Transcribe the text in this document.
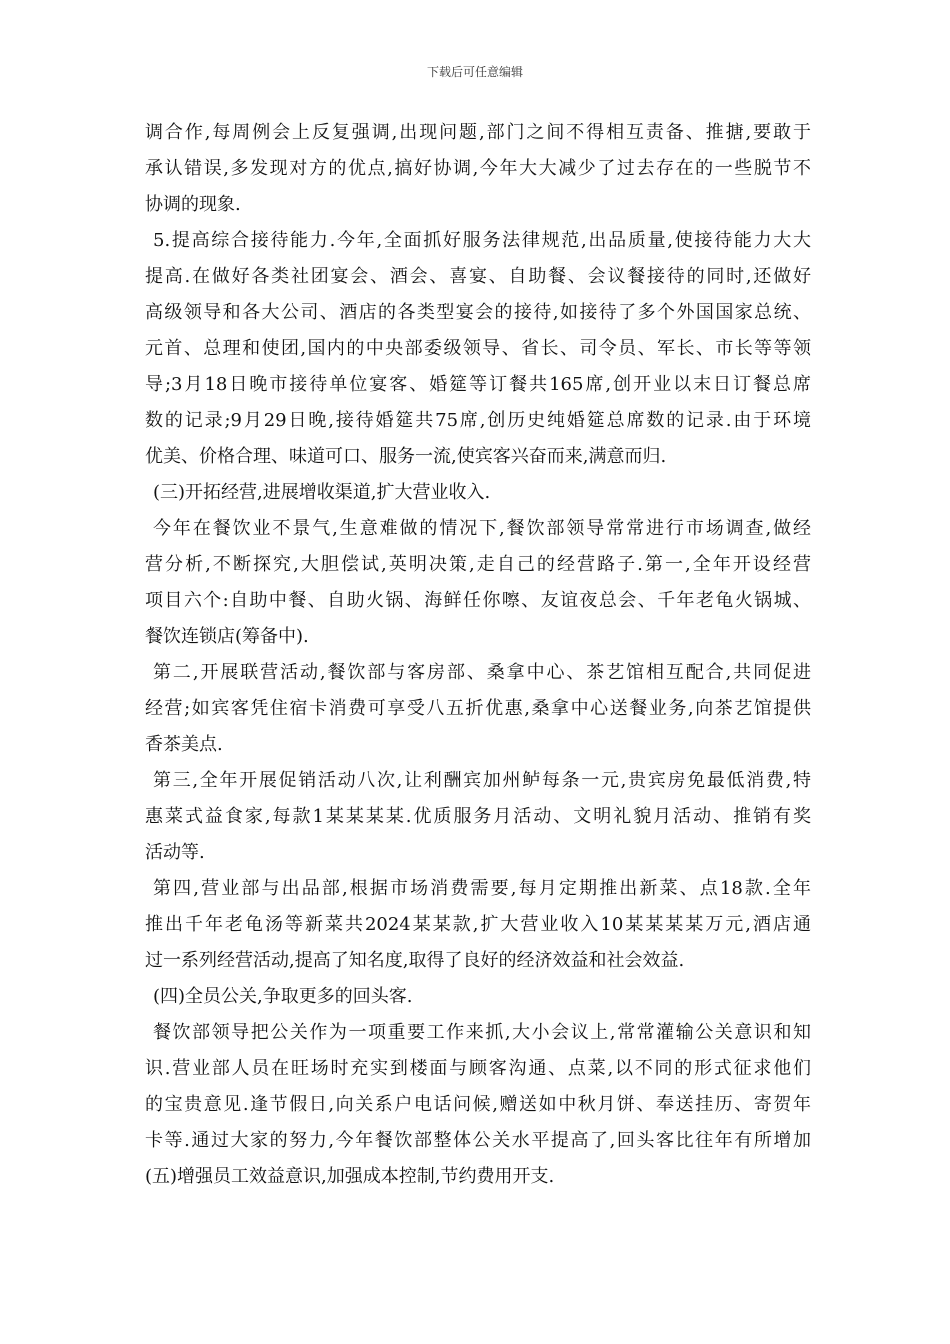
下载后可任意编辑
调合作,每周例会上反复强调,出现问题,部门之间不得相互责备、推搪,要敢于
承认错误,多发现对方的优点,搞好协调,今年大大减少了过去存在的一些脱节不
协调的现象.
5.提高综合接待能力.今年,全面抓好服务法律规范,出品质量,使接待能力大大
提高.在做好各类社团宴会、酒会、喜宴、自助餐、会议餐接待的同时,还做好
高级领导和各大公司、酒店的各类型宴会的接待,如接待了多个外国国家总统、
元首、总理和使团,国内的中央部委级领导、省长、司令员、军长、市长等等领
导;3月18日晚市接待单位宴客、婚筵等订餐共165席,创开业以末日订餐总席
数的记录;9月29日晚,接待婚筵共75席,创历史纯婚筵总席数的记录.由于环境
优美、价格合理、味道可口、服务一流,使宾客兴奋而来,满意而归.
(三)开拓经营,进展增收渠道,扩大营业收入.
今年在餐饮业不景气,生意难做的情况下,餐饮部领导常常进行市场调查,做经
营分析,不断探究,大胆偿试,英明决策,走自己的经营路子.第一,全年开设经营
项目六个:自助中餐、自助火锅、海鲜任你嚓、友谊夜总会、千年老龟火锅城、
餐饮连锁店(筹备中).
第二,开展联营活动,餐饮部与客房部、桑拿中心、茶艺馆相互配合,共同促进
经营;如宾客凭住宿卡消费可享受八五折优惠,桑拿中心送餐业务,向茶艺馆提供
香茶美点.
第三,全年开展促销活动八次,让利酬宾加州鲈每条一元,贵宾房免最低消费,特
惠菜式益食家,每款1某某某某.优质服务月活动、文明礼貌月活动、推销有奖
活动等.
第四,营业部与出品部,根据市场消费需要,每月定期推出新菜、点18款.全年
推出千年老龟汤等新菜共2024某某款,扩大营业收入10某某某某万元,酒店通
过一系列经营活动,提高了知名度,取得了良好的经济效益和社会效益.
(四)全员公关,争取更多的回头客.
餐饮部领导把公关作为一项重要工作来抓,大小会议上,常常灌输公关意识和知
识.营业部人员在旺场时充实到楼面与顾客沟通、点菜,以不同的形式征求他们
的宝贵意见.逢节假日,向关系户电话问候,赠送如中秋月饼、奉送挂历、寄贺年
卡等.通过大家的努力,今年餐饮部整体公关水平提高了,回头客比往年有所增加
(五)增强员工效益意识,加强成本控制,节约费用开支.
